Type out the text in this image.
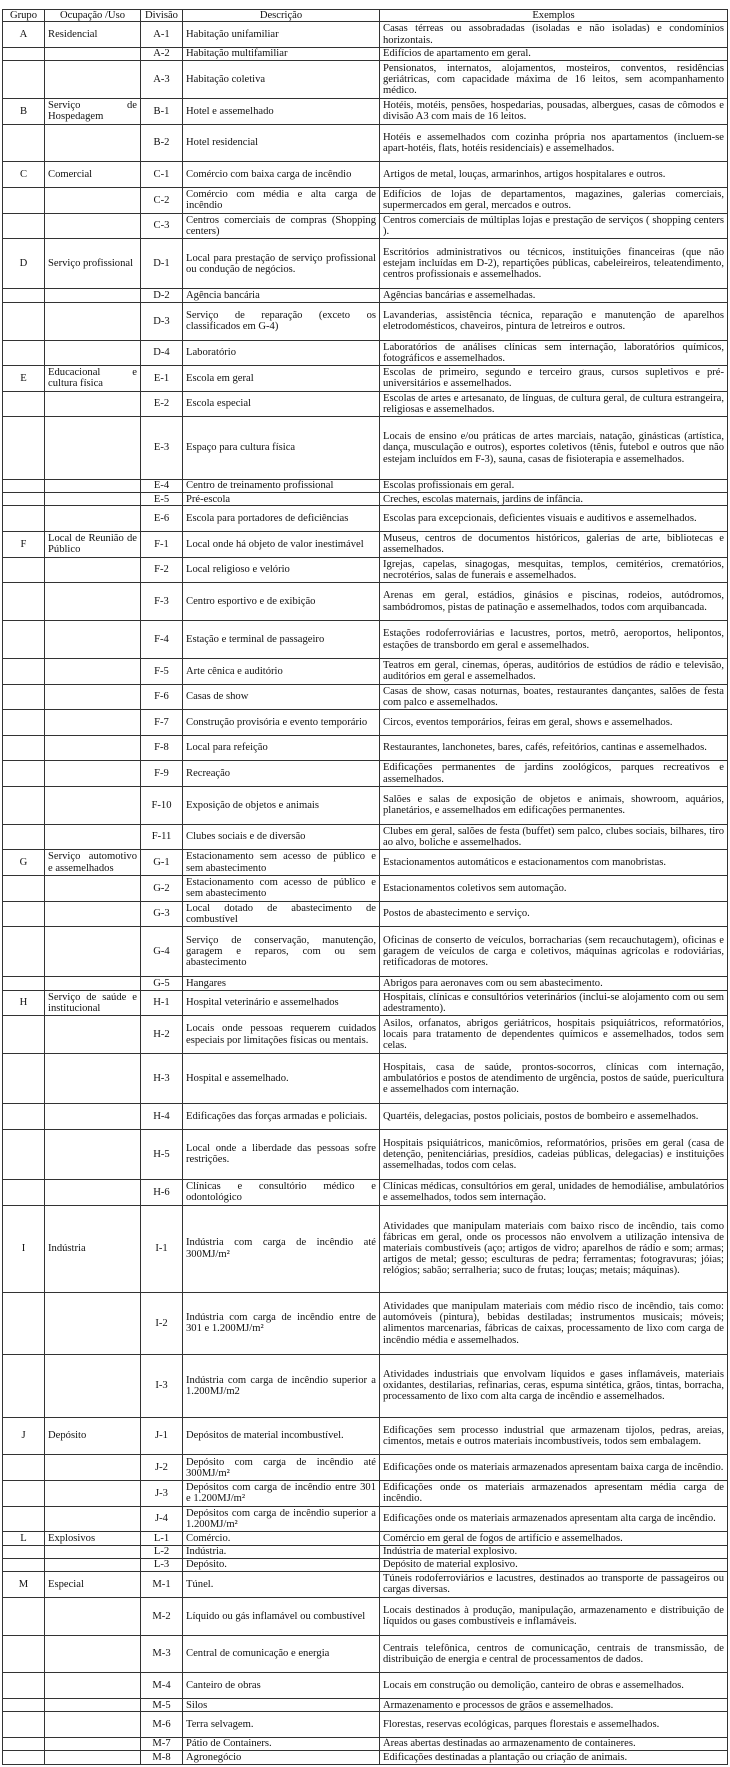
Grupo	Ocupação /Uso	Divisão	Descrição	Exemplos
A	Residencial	A-1	Habitação unifamiliar	Casas térreas ou assobradadas (isoladas e não isoladas) e condomínios horizontais.
		A-2	Habitação multifamiliar	Edifícios de apartamento em geral.
		A-3	Habitação coletiva	Pensionatos, internatos, alojamentos, mosteiros, conventos, residências geriátricas, com capacidade máxima de 16 leitos, sem acompanhamento médico.
B	Serviço de Hospedagem	B-1	Hotel e assemelhado	Hotéis, motéis, pensões, hospedarias, pousadas, albergues, casas de cômodos e divisão A3 com mais de 16 leitos.
		B-2	Hotel residencial	Hotéis e assemelhados com cozinha própria nos apartamentos (incluem-se apart-hotéis, flats, hotéis residenciais) e assemelhados.
C	Comercial	C-1	Comércio com baixa carga de incêndio	Artigos de metal, louças, armarinhos, artigos hospitalares e outros.
		C-2	Comércio com média e alta carga de incêndio	Edifícios de lojas de departamentos, magazines, galerias comerciais, supermercados em geral, mercados e outros.
		C-3	Centros comerciais de compras (Shopping centers)	Centros comerciais de múltiplas lojas e prestação de serviços ( shopping centers ).
D	Serviço profissional	D-1	Local para prestação de serviço profissional ou condução de negócios.	Escritórios administrativos ou técnicos, instituições financeiras (que não estejam incluídas em D-2), repartições públicas, cabeleireiros, teleatendimento, centros profissionais e assemelhados.
		D-2	Agência bancária	Agências bancárias e assemelhadas.
		D-3	Serviço de reparação (exceto os classificados em G-4)	Lavanderias, assistência técnica, reparação e manutenção de aparelhos eletrodomésticos, chaveiros, pintura de letreiros e outros.
		D-4	Laboratório	Laboratórios de análises clínicas sem internação, laboratórios químicos, fotográficos e assemelhados.
E	Educacional e cultura física	E-1	Escola em geral	Escolas de primeiro, segundo e terceiro graus, cursos supletivos e pré-universitários e assemelhados.
		E-2	Escola especial	Escolas de artes e artesanato, de línguas, de cultura geral, de cultura estrangeira, religiosas e assemelhados.
		E-3	Espaço para cultura física	Locais de ensino e/ou práticas de artes marciais, natação, ginásticas (artística, dança, musculação e outros), esportes coletivos (tênis, futebol e outros que não estejam incluídos em F-3), sauna, casas de fisioterapia e assemelhados.
		E-4	Centro de treinamento profissional	Escolas profissionais em geral.
		E-5	Pré-escola	Creches, escolas maternais, jardins de infância.
		E-6	Escola para portadores de deficiências	Escolas para excepcionais, deficientes visuais e auditivos e assemelhados.
F	Local de Reunião de Público	F-1	Local onde há objeto de valor inestimável	Museus, centros de documentos históricos, galerias de arte, bibliotecas e assemelhados.
		F-2	Local religioso e velório	Igrejas, capelas, sinagogas, mesquitas, templos, cemitérios, crematórios, necrotérios, salas de funerais e assemelhados.
		F-3	Centro esportivo e de exibição	Arenas em geral, estádios, ginásios e piscinas, rodeios, autódromos, sambódromos, pistas de patinação e assemelhados, todos com arquibancada.
		F-4	Estação e terminal de passageiro	Estações rodoferroviárias e lacustres, portos, metrô, aeroportos, helipontos, estações de transbordo em geral e assemelhados.
		F-5	Arte cênica e auditório	Teatros em geral, cinemas, óperas, auditórios de estúdios de rádio e televisão, auditórios em geral e assemelhados.
		F-6	Casas de show	Casas de show, casas noturnas, boates, restaurantes dançantes, salões de festa com palco e assemelhados.
		F-7	Construção provisória e evento temporário	Circos, eventos temporários, feiras em geral, shows e assemelhados.
		F-8	Local para refeição	Restaurantes, lanchonetes, bares, cafés, refeitórios, cantinas e assemelhados.
		F-9	Recreação	Edificações permanentes de jardins zoológicos, parques recreativos e assemelhados.
		F-10	Exposição de objetos e animais	Salões e salas de exposição de objetos e animais, showroom, aquários, planetários, e assemelhados em edificações permanentes.
		F-11	Clubes sociais e de diversão	Clubes em geral, salões de festa (buffet) sem palco, clubes sociais, bilhares, tiro ao alvo, boliche e assemelhados.
G	Serviço automotivo e assemelhados	G-1	Estacionamento sem acesso de público e sem abastecimento	Estacionamentos automáticos e estacionamentos com manobristas.
		G-2	Estacionamento com acesso de público e sem abastecimento	Estacionamentos coletivos sem automação.
		G-3	Local dotado de abastecimento de combustível	Postos de abastecimento e serviço.
		G-4	Serviço de conservação, manutenção, garagem e reparos, com ou sem abastecimento	Oficinas de conserto de veículos, borracharias (sem recauchutagem), oficinas e garagem de veículos de carga e coletivos, máquinas agrícolas e rodoviárias, retificadoras de motores.
		G-5	Hangares	Abrigos para aeronaves com ou sem abastecimento.
H	Serviço de saúde e institucional	H-1	Hospital veterinário e assemelhados	Hospitais, clínicas e consultórios veterinários (inclui-se alojamento com ou sem adestramento).
		H-2	Locais onde pessoas requerem cuidados especiais por limitações físicas ou mentais.	Asilos, orfanatos, abrigos geriátricos, hospitais psiquiátricos, reformatórios, locais para tratamento de dependentes químicos e assemelhados, todos sem celas.
		H-3	Hospital e assemelhado.	Hospitais, casa de saúde, prontos-socorros, clínicas com internação, ambulatórios e postos de atendimento de urgência, postos de saúde, puericultura e assemelhados com internação.
		H-4	Edificações das forças armadas e policiais.	Quartéis, delegacias, postos policiais, postos de bombeiro e assemelhados.
		H-5	Local onde a liberdade das pessoas sofre restrições.	Hospitais psiquiátricos, manicômios, reformatórios, prisões em geral (casa de detenção, penitenciárias, presídios, cadeias públicas, delegacias) e instituições assemelhadas, todos com celas.
		H-6	Clínicas e consultório médico e odontológico	Clínicas médicas, consultórios em geral, unidades de hemodiálise, ambulatórios e assemelhados, todos sem internação.
I	Indústria	I-1	Indústria com carga de incêndio até 300MJ/m²	Atividades que manipulam materiais com baixo risco de incêndio, tais como fábricas em geral, onde os processos não envolvem a utilização intensiva de materiais combustíveis (aço; artigos de vidro; aparelhos de rádio e som; armas; artigos de metal; gesso; esculturas de pedra; ferramentas; fotogravuras; jóias; relógios; sabão; serralheria; suco de frutas; louças; metais; máquinas).
		I-2	Indústria com carga de incêndio entre de 301 e 1.200MJ/m²	Atividades que manipulam materiais com médio risco de incêndio, tais como: automóveis (pintura), bebidas destiladas; instrumentos musicais; móveis; alimentos marcenarias, fábricas de caixas, processamento de lixo com carga de incêndio média e assemelhados.
		I-3	Indústria com carga de incêndio superior a 1.200MJ/m2	Atividades industriais que envolvam líquidos e gases inflamáveis, materiais oxidantes, destilarias, refinarias, ceras, espuma sintética, grãos, tintas, borracha, processamento de lixo com alta carga de incêndio e assemelhados.
J	Depósito	J-1	Depósitos de material incombustível.	Edificações sem processo industrial que armazenam tijolos, pedras, areias, cimentos, metais e outros materiais incombustíveis, todos sem embalagem.
		J-2	Depósito com carga de incêndio até 300MJ/m²	Edificações onde os materiais armazenados apresentam baixa carga de incêndio.
		J-3	Depósitos com carga de incêndio entre 301 e 1.200MJ/m²	Edificações onde os materiais armazenados apresentam média carga de incêndio.
		J-4	Depósitos com carga de incêndio superior a 1.200MJ/m²	Edificações onde os materiais armazenados apresentam alta carga de incêndio.
L	Explosivos	L-1	Comércio.	Comércio em geral de fogos de artifício e assemelhados.
		L-2	Indústria.	Indústria de material explosivo.
		L-3	Depósito.	Depósito de material explosivo.
M	Especial	M-1	Túnel.	Túneis rodoferroviários e lacustres, destinados ao transporte de passageiros ou cargas diversas.
		M-2	Líquido ou gás inflamável ou combustível	Locais destinados à produção, manipulação, armazenamento e distribuição de líquidos ou gases combustíveis e inflamáveis.
		M-3	Central de comunicação e energia	Centrais telefônica, centros de comunicação, centrais de transmissão, de distribuição de energia e central de processamentos de dados.
		M-4	Canteiro de obras	Locais em construção ou demolição, canteiro de obras e assemelhados.
		M-5	Silos	Armazenamento e processos de grãos e assemelhados.
		M-6	Terra selvagem.	Florestas, reservas ecológicas, parques florestais e assemelhados.
		M-7	Pátio de Containers.	Áreas abertas destinadas ao armazenamento de containeres.
		M-8	Agronegócio	Edificações destinadas a plantação ou criação de animais.
